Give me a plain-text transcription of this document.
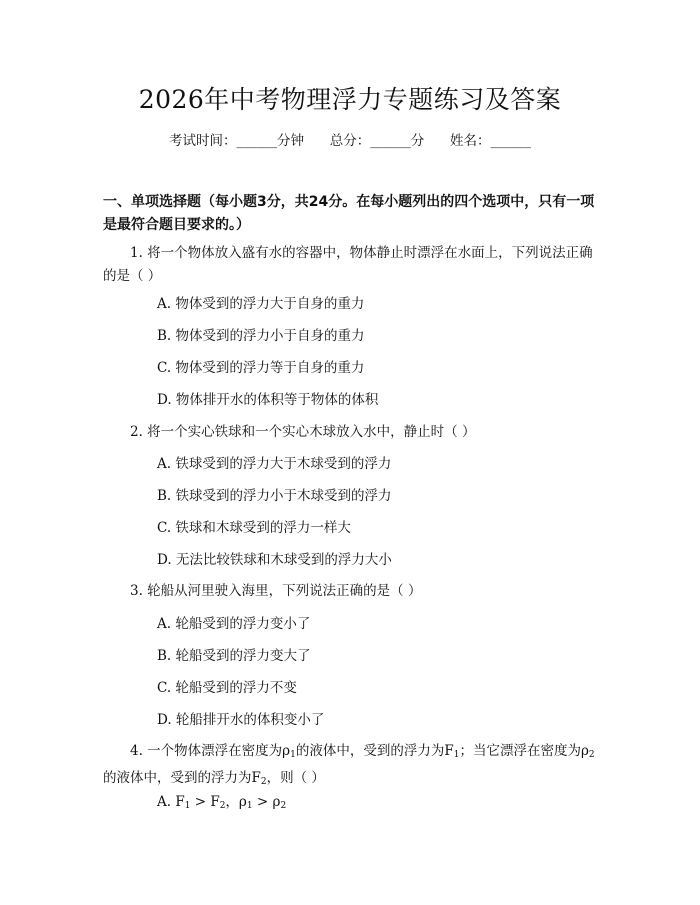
2026年中考物理浮力专题练习及答案
考试时间：______分钟      总分：______分      姓名：______
一、单项选择题（每小题3分，共24分。在每小题列出的四个选项中，只有一项是最符合题目要求的。）
1. 将一个物体放入盛有水的容器中，物体静止时漂浮在水面上，下列说法正确的是（ ）
A. 物体受到的浮力大于自身的重力
B. 物体受到的浮力小于自身的重力
C. 物体受到的浮力等于自身的重力
D. 物体排开水的体积等于物体的体积
2. 将一个实心铁球和一个实心木球放入水中，静止时（ ）
A. 铁球受到的浮力大于木球受到的浮力
B. 铁球受到的浮力小于木球受到的浮力
C. 铁球和木球受到的浮力一样大
D. 无法比较铁球和木球受到的浮力大小
3. 轮船从河里驶入海里，下列说法正确的是（ ）
A. 轮船受到的浮力变小了
B. 轮船受到的浮力变大了
C. 轮船受到的浮力不变
D. 轮船排开水的体积变小了
4. 一个物体漂浮在密度为$\rho_1$的液体中，受到的浮力为$F_1$；当它漂浮在密度为$\rho_2$的液体中，受到的浮力为$F_2$，则（ ）
A. $F_1 > F_2$，$\rho_1 > \rho_2$
